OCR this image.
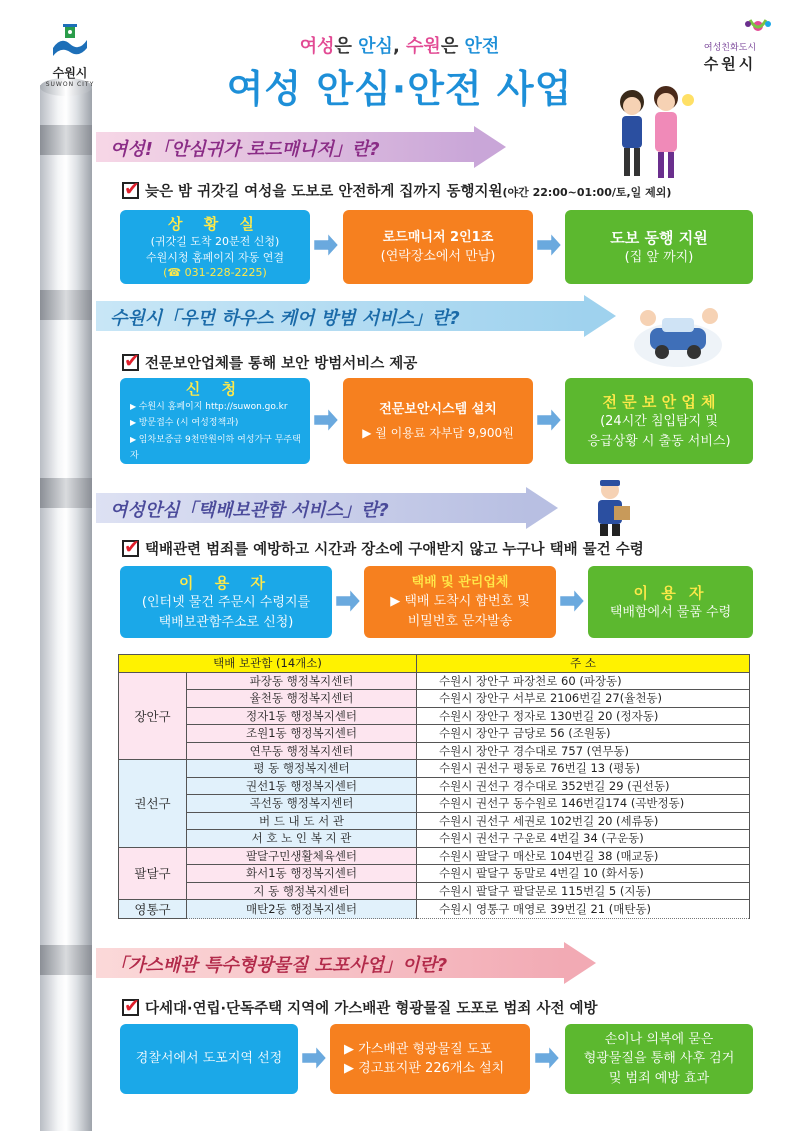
수원시
SUWON CITY
여성친화도시
수원시
여성은 안심, 수원은 안전
여성 안심·안전 사업
여성!「안심귀가 로드매니저」란?
✔늦은 밤 귀갓길 여성을 도보로 안전하게 집까지 동행지원(야간 22:00~01:00/토,일 제외)
상 황 실
(귀갓길 도착 20분전 신청)
수원시청 홈페이지 자동 연결
(☎ 031-228-2225)
로드매니저 2인1조
(연락장소에서 만남)
도보 동행 지원
(집 앞 까지)
수원시「우먼 하우스 케어 방범 서비스」란?
✔전문보안업체를 통해 보안 방범서비스 제공
신 청
▶ 수원시 홈페이지 http://suwon.go.kr
▶ 방문접수 (시 여성정책과)
▶ 임차보증금 9천만원이하 여성가구 무주택자
전문보안시스템 설치
▶ 월 이용료 자부담 9,900원
전 문 보 안 업 체
(24시간 침입탐지 및
응급상황 시 출동 서비스)
여성안심「택배보관함 서비스」란?
✔택배관련 범죄를 예방하고 시간과 장소에 구애받지 않고 누구나 택배 물건 수령
이 용 자
(인터넷 물건 주문시 수령지를
택배보관함주소로 신청)
택배 및 관리업체
▶ 택배 도착시 함번호 및
비밀번호 문자발송
이 용 자
택배함에서 물품 수령
택배 보관함 (14개소)		주 소
장안구	파장동 행정복지센터	수원시 장안구 파장천로 60 (파장동)
	율천동 행정복지센터	수원시 장안구 서부로 2106번길 27(율천동)
	정자1동 행정복지센터	수원시 장안구 정자로 130번길 20 (정자동)
	조원1동 행정복지센터	수원시 장안구 금당로 56 (조원동)
	연무동 행정복지센터	수원시 장안구 경수대로 757 (연무동)
권선구	평 동 행정복지센터	수원시 권선구 평동로 76번길 13 (평동)
	권선1동 행정복지센터	수원시 권선구 경수대로 352번길 29 (권선동)
	곡선동 행정복지센터	수원시 권선구 동수원로 146번길174 (곡반정동)
	버 드 내 도 서 관	수원시 권선구 세권로 102번길 20 (세류동)
	서 호 노 인 복 지 관	수원시 권선구 구운로 4번길 34 (구운동)
팔달구	팔달구민생활체육센터	수원시 팔달구 매산로 104번길 38 (매교동)
	화서1동 행정복지센터	수원시 팔달구 동말로 4번길 10 (화서동)
	지 동 행정복지센터	수원시 팔달구 팔달문로 115번길 5 (지동)
영통구	매탄2동 행정복지센터	수원시 영통구 매영로 39번길 21 (매탄동)
「가스배관 특수형광물질 도포사업」이란?
✔다세대·연립·단독주택 지역에 가스배관 형광물질 도포로 범죄 사전 예방
경찰서에서 도포지역 선정
▶ 가스배관 형광물질 도포
▶ 경고표지판 226개소 설치
손이나 의복에 묻은
형광물질을 통해 사후 검거
및 범죄 예방 효과
